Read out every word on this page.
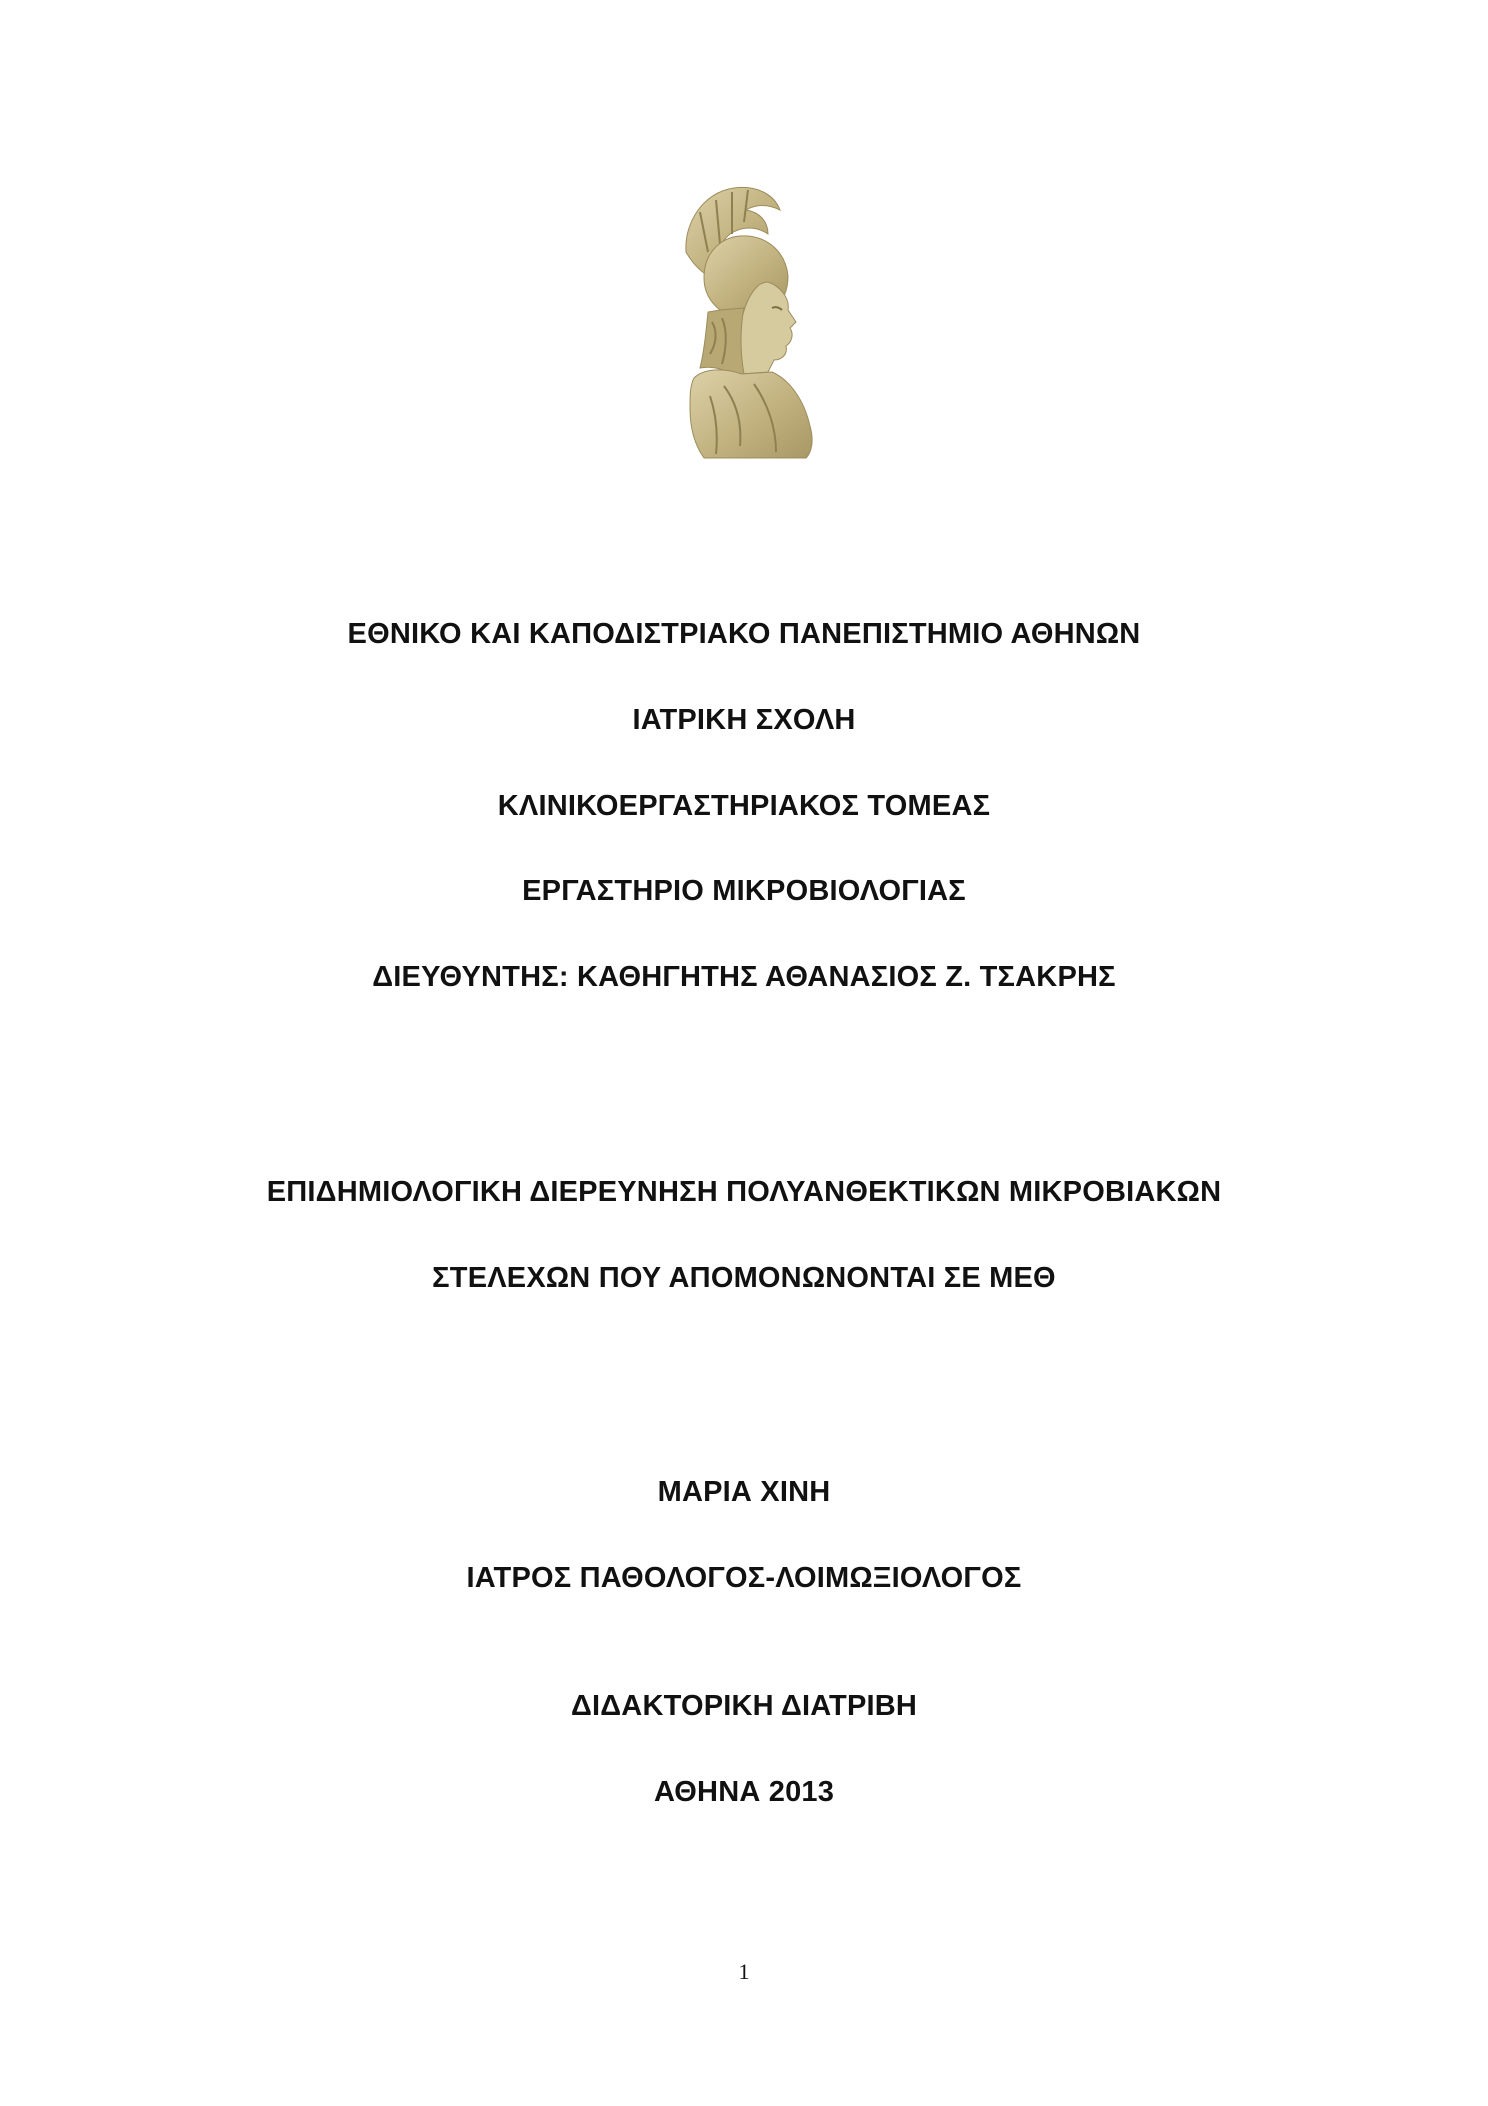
ΕΘΝΙΚΟ ΚΑΙ ΚΑΠΟΔΙΣΤΡΙΑΚΟ ΠΑΝΕΠΙΣΤΗΜΙΟ ΑΘΗΝΩΝ
ΙΑΤΡΙΚΗ ΣΧΟΛΗ
ΚΛΙΝΙΚΟΕΡΓΑΣΤΗΡΙΑΚΟΣ ΤΟΜΕΑΣ
ΕΡΓΑΣΤΗΡΙΟ ΜΙΚΡΟΒΙΟΛΟΓΙΑΣ
ΔΙΕΥΘΥΝΤΗΣ: ΚΑΘΗΓΗΤΗΣ ΑΘΑΝΑΣΙΟΣ Ζ. ΤΣΑΚΡΗΣ
ΕΠΙΔΗΜΙΟΛΟΓΙΚΗ ΔΙΕΡΕΥΝΗΣΗ ΠΟΛΥΑΝΘΕΚΤΙΚΩΝ ΜΙΚΡΟΒΙΑΚΩΝ
ΣΤΕΛΕΧΩΝ ΠΟΥ ΑΠΟΜΟΝΩΝΟΝΤΑΙ ΣΕ ΜΕΘ
ΜΑΡΙΑ ΧΙΝΗ
ΙΑΤΡΟΣ ΠΑΘΟΛΟΓΟΣ-ΛΟΙΜΩΞΙΟΛΟΓΟΣ
ΔΙΔΑΚΤΟΡΙΚΗ ΔΙΑΤΡΙΒΗ
ΑΘΗΝΑ 2013
1
